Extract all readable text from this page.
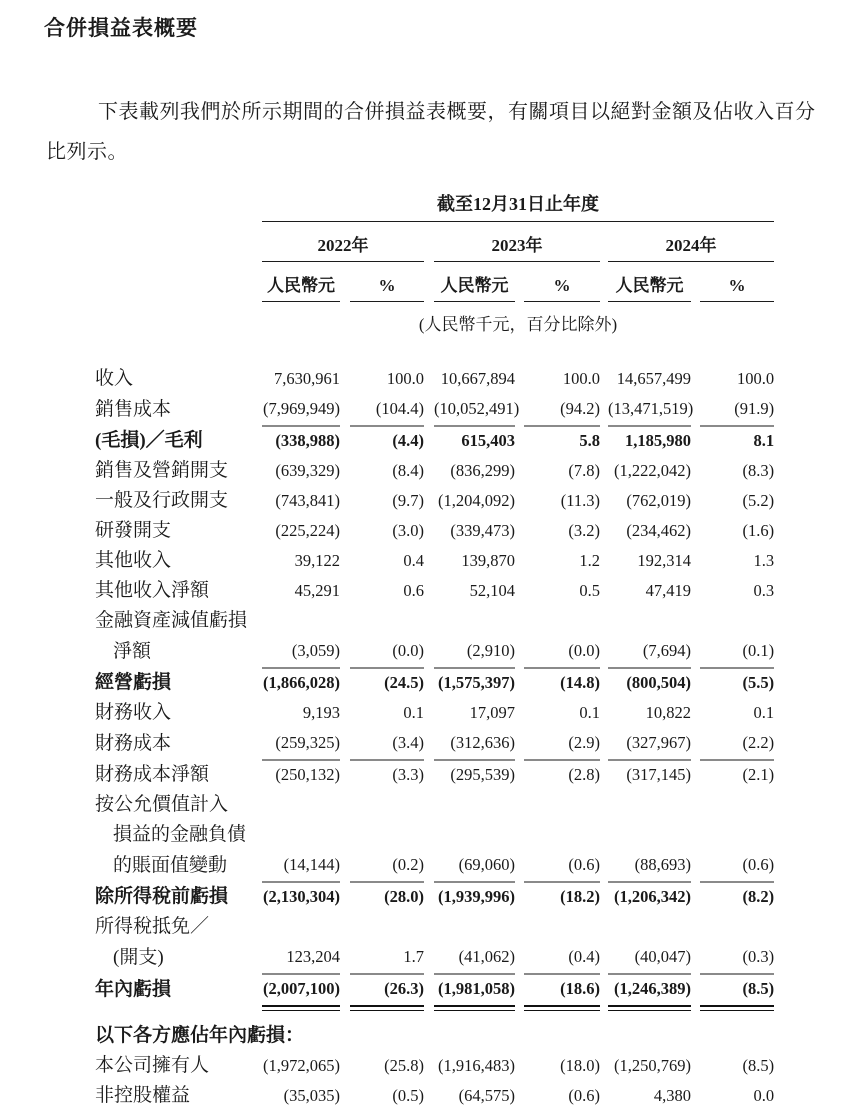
合併損益表概要

下表載列我們於所示期間的合併損益表概要，有關項目以絕對金額及佔收入百分比列示。

	截至12月31日止年度										
	2022年				2023年				2024年		
	人民幣元		%		人民幣元		%		人民幣元		%
	(人民幣千元，百分比除外)										

收入	7,630,961		100.0		10,667,894		100.0		14,657,499		100.0
銷售成本	(7,969,949)		(104.4)		(10,052,491)		(94.2)		(13,471,519)		(91.9)
(毛損)／毛利	(338,988)		(4.4)		615,403		5.8		1,185,980		8.1
銷售及營銷開支	(639,329)		(8.4)		(836,299)		(7.8)		(1,222,042)		(8.3)
一般及行政開支	(743,841)		(9.7)		(1,204,092)		(11.3)		(762,019)		(5.2)
研發開支	(225,224)		(3.0)		(339,473)		(3.2)		(234,462)		(1.6)
其他收入	39,122		0.4		139,870		1.2		192,314		1.3
其他收入淨額	45,291		0.6		52,104		0.5		47,419		0.3
金融資產減值虧損											
淨額	(3,059)		(0.0)		(2,910)		(0.0)		(7,694)		(0.1)
經營虧損	(1,866,028)		(24.5)		(1,575,397)		(14.8)		(800,504)		(5.5)
財務收入	9,193		0.1		17,097		0.1		10,822		0.1
財務成本	(259,325)		(3.4)		(312,636)		(2.9)		(327,967)		(2.2)
財務成本淨額	(250,132)		(3.3)		(295,539)		(2.8)		(317,145)		(2.1)
按公允價值計入											
損益的金融負債											
的賬面值變動	(14,144)		(0.2)		(69,060)		(0.6)		(88,693)		(0.6)
除所得稅前虧損	(2,130,304)		(28.0)		(1,939,996)		(18.2)		(1,206,342)		(8.2)
所得稅抵免／											
(開支)	123,204		1.7		(41,062)		(0.4)		(40,047)		(0.3)
年內虧損	(2,007,100)		(26.3)		(1,981,058)		(18.6)		(1,246,389)		(8.5)
以下各方應佔年內虧損：											
本公司擁有人	(1,972,065)		(25.8)		(1,916,483)		(18.0)		(1,250,769)		(8.5)
非控股權益	(35,035)		(0.5)		(64,575)		(0.6)		4,380		0.0
